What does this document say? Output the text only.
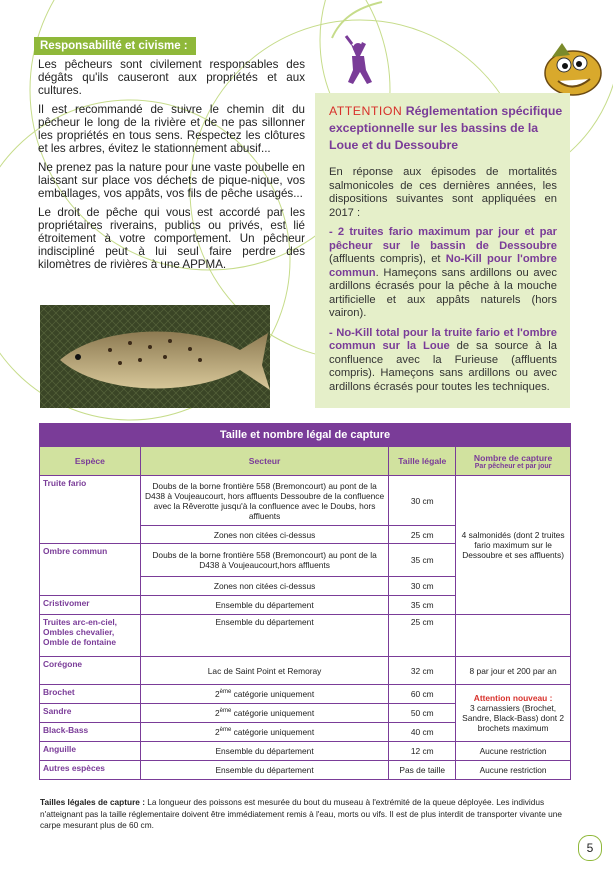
Responsabilité et civisme :

Les pêcheurs sont civilement responsables des dégâts qu'ils causeront aux propriétés et aux cultures.

Il est recommandé de suivre le chemin dit du pêcheur le long de la rivière et de ne pas sillonner les propriétés en tous sens. Respectez les clôtures et les arbres, évitez le stationnement abusif...

Ne prenez pas la nature pour une vaste poubelle en laissant sur place vos déchets de pique-nique, vos emballages, vos appâts, vos fils de pêche usagés...

Le droit de pêche qui vous est accordé par les propriétaires riverains, publics ou privés, est lié étroitement à votre comportement. Un pêcheur indiscipliné peut à lui seul faire perdre des kilomètres de rivières à une APPMA.

ATTENTION Réglementation spécifique exceptionnelle sur les bassins de la Loue et du Dessoubre

En réponse aux épisodes de mortalités salmonicoles de ces dernières années, les dispositions suivantes sont appliquées en 2017 :

- 2 truites fario maximum par jour et par pêcheur sur le bassin de Dessoubre (affluents compris), et No-Kill pour l'ombre commun. Hameçons sans ardillons ou avec ardillons écrasés pour la pêche à la mouche artificielle et aux appâts naturels (hors vairon).

- No-Kill total pour la truite fario et l'ombre commun sur la Loue de sa source à la confluence avec la Furieuse (affluents compris). Hameçons sans ardillons ou avec ardillons écrasés pour toutes les techniques.

Taille et nombre légal de capture			
Espèce	Secteur	Taille légale	Nombre de capture
Par pêcheur et par jour

Truite fario	Doubs de la borne frontière 558 (Bremoncourt) au pont de la D438 à Voujeaucourt, hors affluents Dessoubre de la confluence avec la Rêverotte jusqu'à la confluence avec le Doubs, hors affluents	30 cm	4 salmonidés (dont 2 truites fario maximum sur le Dessoubre et ses affluents)
	Zones non citées ci-dessus	25 cm	
Ombre commun	Doubs de la borne frontière 558 (Bremoncourt) au pont de la D438 à Voujeaucourt,hors affluents	35 cm	
	Zones non citées ci-dessus	30 cm	
Cristivomer	Ensemble du département	35 cm	
Truites arc-en-ciel, Ombles chevalier, Omble de fontaine	Ensemble du département	25 cm	
Corégone	Lac de Saint Point et Remoray	32 cm	8 par jour et 200 par an
Brochet	2ème catégorie uniquement	60 cm	Attention nouveau :
3 carnassiers (Brochet, Sandre, Black-Bass) dont 2 brochets maximum
Sandre	2ème catégorie uniquement	50 cm	
Black-Bass	2ème catégorie uniquement	40 cm	
Anguille	Ensemble du département	12 cm	Aucune restriction
Autres espèces	Ensemble du département	Pas de taille	Aucune restriction
Tailles légales de capture : La longueur des poissons est mesurée du bout du museau à l'extrémité de la queue déployée. Les individus n'atteignant pas la taille réglementaire doivent être immédiatement remis à l'eau, morts ou vifs. Il est de plus interdit de transporter vivante une carpe mesurant plus de 60 cm.
5
